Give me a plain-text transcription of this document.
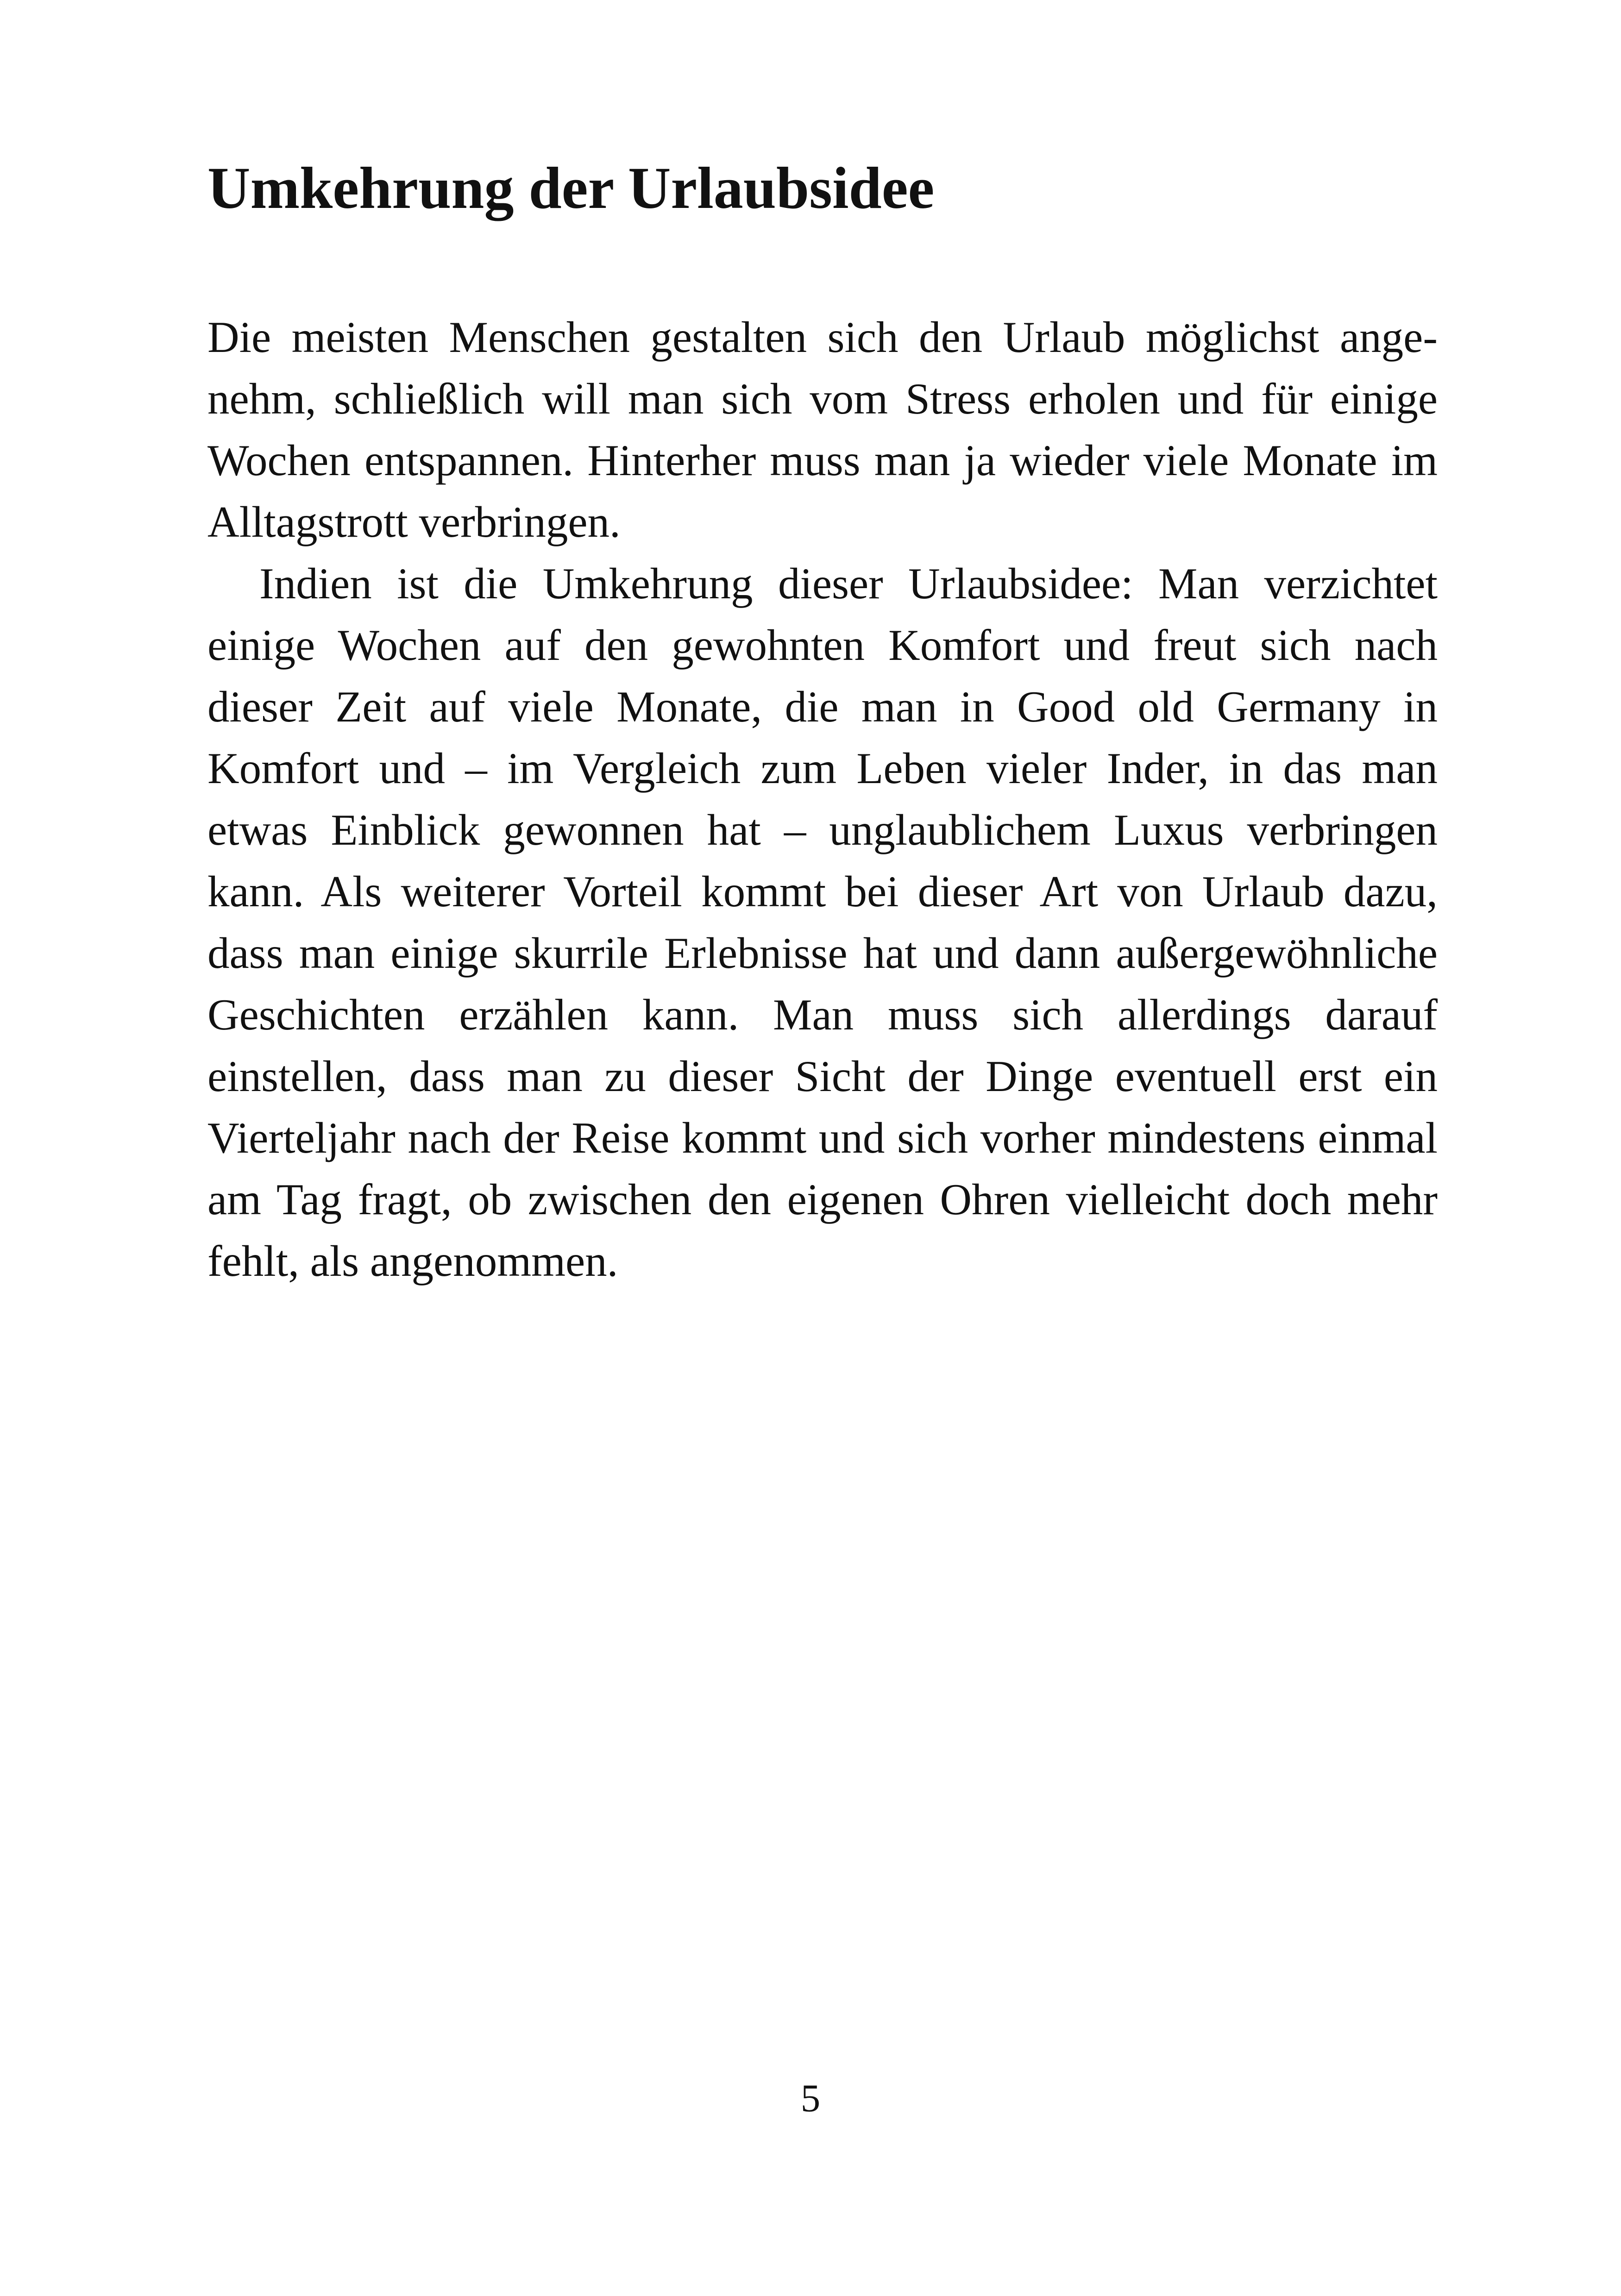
Umkehrung der Urlaubsidee

Die meisten Menschen gestalten sich den Urlaub möglichst angenehm, schließlich will man sich vom Stress erholen und für einige Wochen entspannen. Hinterher muss man ja wieder viele Monate im Alltagstrott verbringen.

Indien ist die Umkehrung dieser Urlaubsidee: Man verzichtet einige Wochen auf den gewohnten Komfort und freut sich nach dieser Zeit auf viele Monate, die man in Good old Germany in Komfort und – im Vergleich zum Leben vieler Inder, in das man etwas Einblick gewonnen hat – unglaublichem Luxus verbringen kann. Als weiterer Vorteil kommt bei dieser Art von Urlaub dazu, dass man einige skurrile Erlebnisse hat und dann außergewöhnliche Geschichten erzählen kann. Man muss sich allerdings darauf einstellen, dass man zu dieser Sicht der Dinge eventuell erst ein Vierteljahr nach der Reise kommt und sich vorher mindestens einmal am Tag fragt, ob zwischen den eigenen Ohren vielleicht doch mehr fehlt, als angenommen.

5
